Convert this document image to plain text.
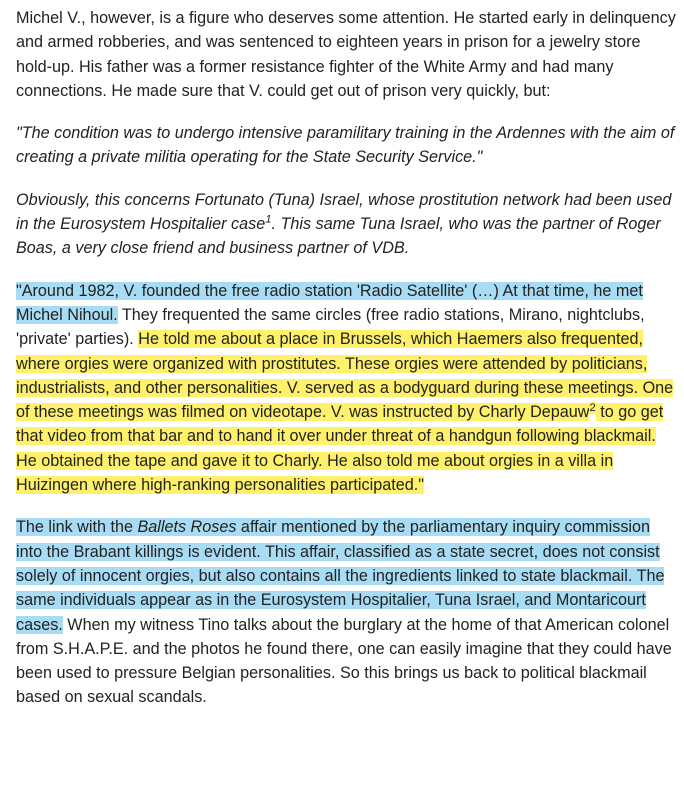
Michel V., however, is a figure who deserves some attention. He started early in delinquency and armed robberies, and was sentenced to eighteen years in prison for a jewelry store hold-up. His father was a former resistance fighter of the White Army and had many connections. He made sure that V. could get out of prison very quickly, but:

"The condition was to undergo intensive paramilitary training in the Ardennes with the aim of creating a private militia operating for the State Security Service."

Obviously, this concerns Fortunato (Tuna) Israel, whose prostitution network had been used in the Eurosystem Hospitalier case$^1$. This same Tuna Israel, who was the partner of Roger Boas, a very close friend and business partner of VDB.

"Around 1982, V. founded the free radio station 'Radio Satellite' (…) At that time, he met Michel Nihoul. They frequented the same circles (free radio stations, Mirano, nightclubs, 'private' parties). He told me about a place in Brussels, which Haemers also frequented, where orgies were organized with prostitutes. These orgies were attended by politicians, industrialists, and other personalities. V. served as a bodyguard during these meetings. One of these meetings was filmed on videotape. V. was instructed by Charly Depauw$^2$ to go get that video from that bar and to hand it over under threat of a handgun following blackmail. He obtained the tape and gave it to Charly. He also told me about orgies in a villa in Huizingen where high-ranking personalities participated."

The link with the Ballets Roses affair mentioned by the parliamentary inquiry commission into the Brabant killings is evident. This affair, classified as a state secret, does not consist solely of innocent orgies, but also contains all the ingredients linked to state blackmail. The same individuals appear as in the Eurosystem Hospitalier, Tuna Israel, and Montaricourt cases. When my witness Tino talks about the burglary at the home of that American colonel from S.H.A.P.E. and the photos he found there, one can easily imagine that they could have been used to pressure Belgian personalities. So this brings us back to political blackmail based on sexual scandals.
